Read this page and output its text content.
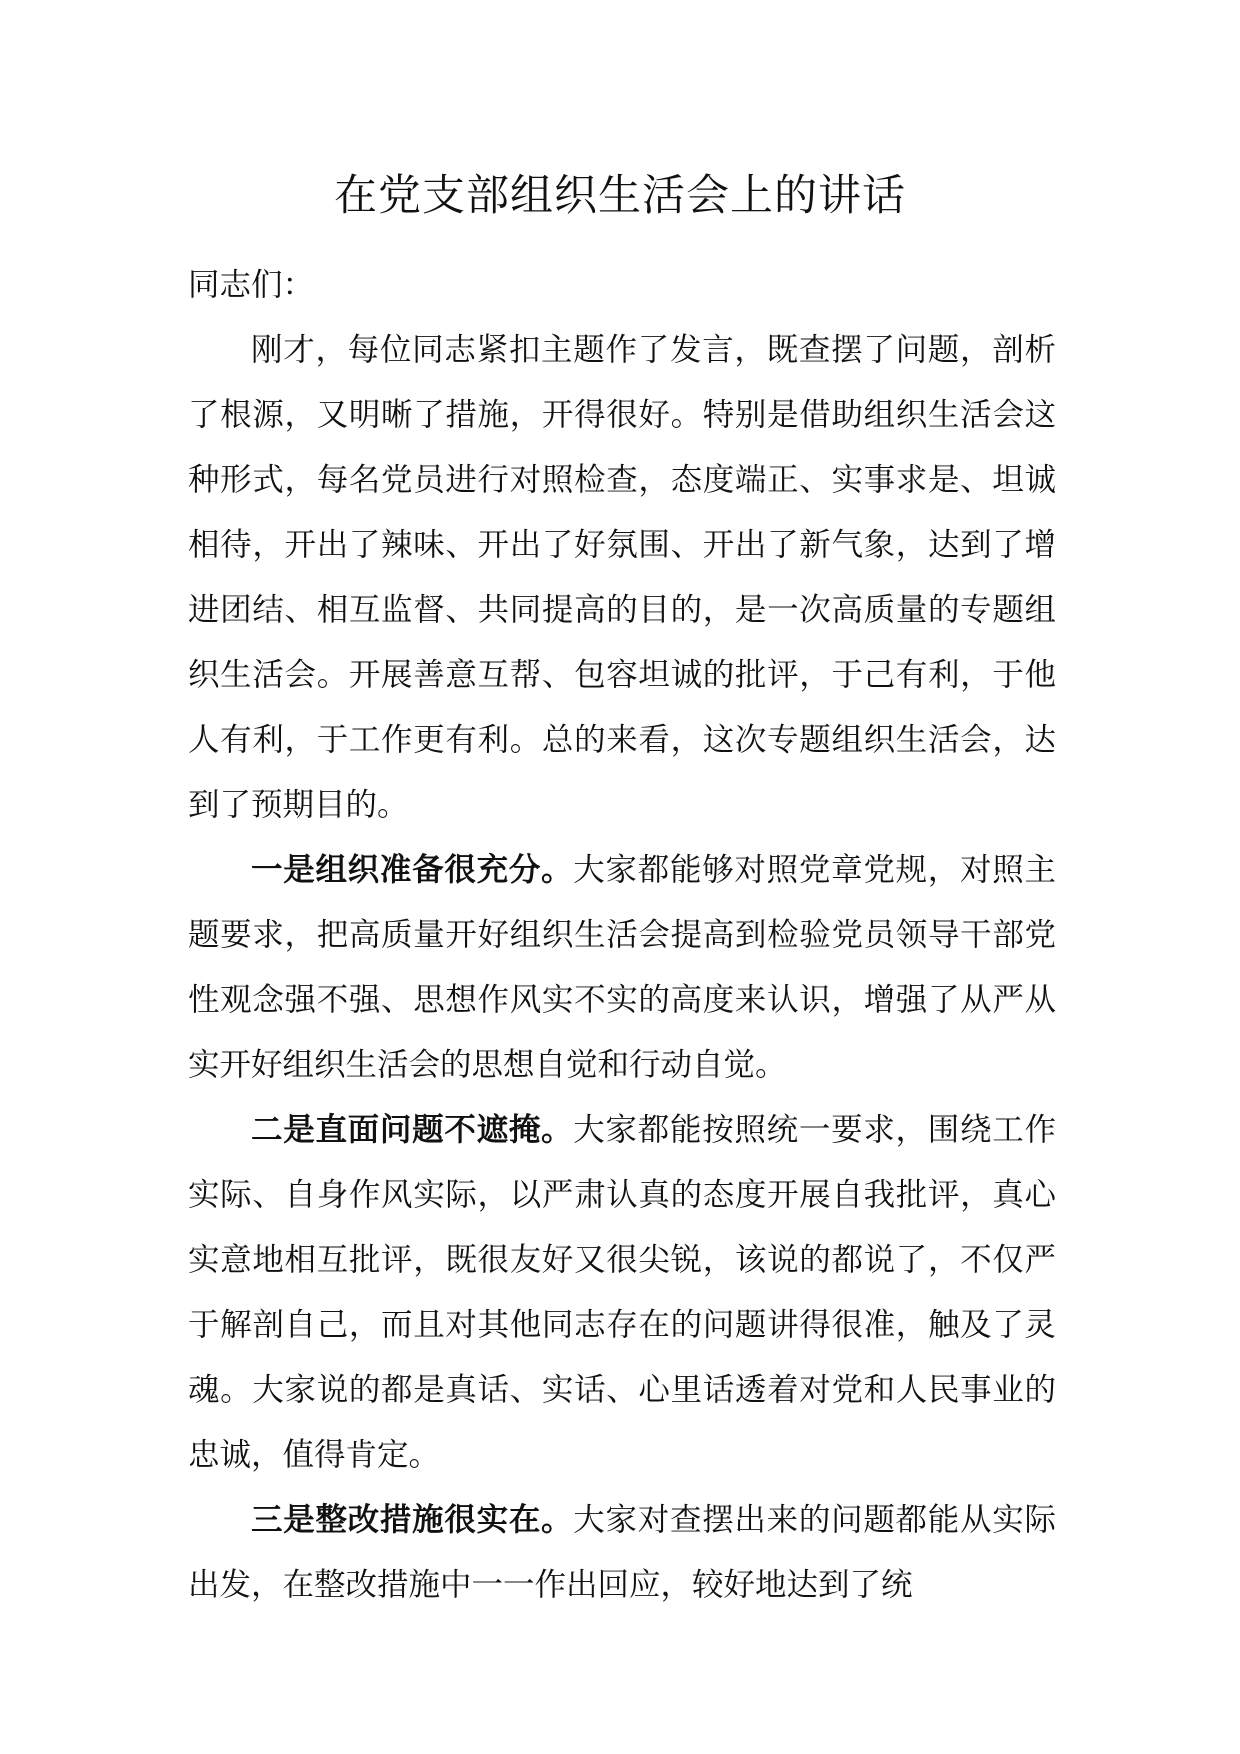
在党支部组织生活会上的讲话

同志们：

刚才，每位同志紧扣主题作了发言，既查摆了问题，剖析了根源，又明晰了措施，开得很好。特别是借助组织生活会这种形式，每名党员进行对照检查，态度端正、实事求是、坦诚相待，开出了辣味、开出了好氛围、开出了新气象，达到了增进团结、相互监督、共同提高的目的，是一次高质量的专题组织生活会。开展善意互帮、包容坦诚的批评，于己有利，于他人有利，于工作更有利。总的来看，这次专题组织生活会，达到了预期目的。

一是组织准备很充分。大家都能够对照党章党规，对照主题要求，把高质量开好组织生活会提高到检验党员领导干部党性观念强不强、思想作风实不实的高度来认识，增强了从严从实开好组织生活会的思想自觉和行动自觉。

二是直面问题不遮掩。大家都能按照统一要求，围绕工作实际、自身作风实际，以严肃认真的态度开展自我批评，真心实意地相互批评，既很友好又很尖锐，该说的都说了，不仅严于解剖自己，而且对其他同志存在的问题讲得很准，触及了灵魂。大家说的都是真话、实话、心里话透着对党和人民事业的忠诚，值得肯定。

三是整改措施很实在。大家对查摆出来的问题都能从实际出发，在整改措施中一一作出回应，较好地达到了统
